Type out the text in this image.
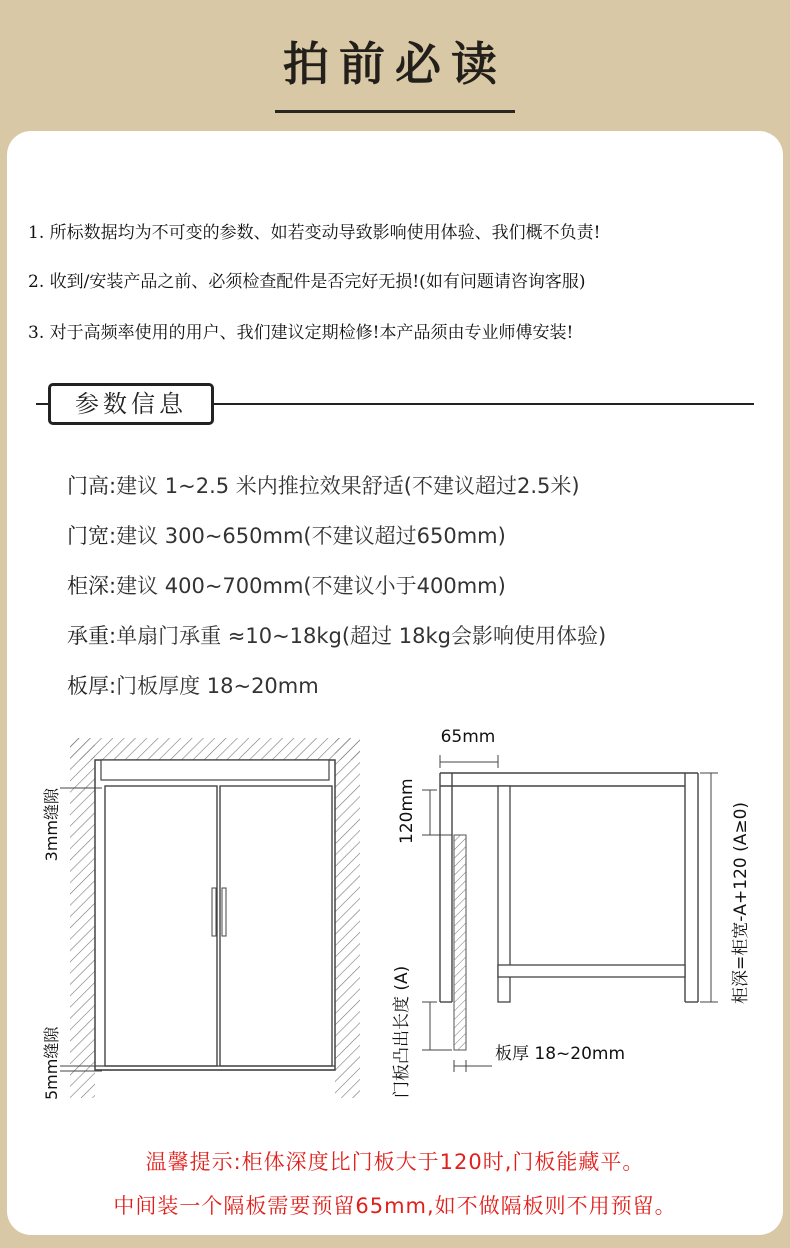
拍前必读
1. 所标数据均为不可变的参数、如若变动导致影响使用体验、我们概不负责!
2. 收到/安装产品之前、必须检查配件是否完好无损!(如有问题请咨询客服)
3. 对于高频率使用的用户、我们建议定期检修!本产品须由专业师傅安装!
参数信息
门高:建议 1~2.5 米内推拉效果舒适(不建议超过2.5米)
门宽:建议 300~650mm(不建议超过650mm)
柜深:建议 400~700mm(不建议小于400mm)
承重:单扇门承重 ≈10~18kg(超过 18kg会影响使用体验)
板厚:门板厚度 18~20mm
3mm缝隙
5mm缝隙
65mm
120mm
门板凸出长度 (A)	板厚 18~20mm
柜深=柜宽-A+120 (A≥0)
温馨提示:柜体深度比门板大于120时,门板能藏平。
中间装一个隔板需要预留65mm,如不做隔板则不用预留。
